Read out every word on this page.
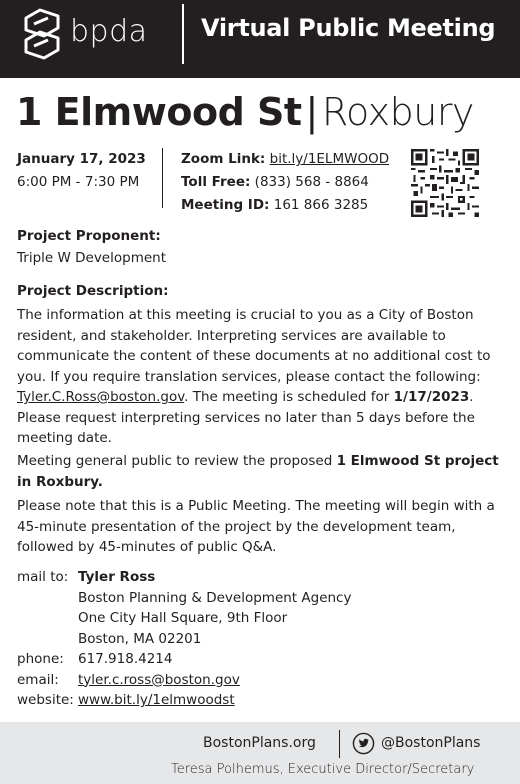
bpda Virtual Public Meeting
1 Elmwood St | Roxbury
January 17, 2023
6:00 PM - 7:30 PM
Zoom Link: bit.ly/1ELMWOOD
Toll Free: (833) 568 - 8864
Meeting ID: 161 866 3285
Project Proponent:
Triple W Development
Project Description:
The information at this meeting is crucial to you as a City of Boston resident, and stakeholder. Interpreting services are available to communicate the content of these documents at no additional cost to you. If you require translation services, please contact the following: Tyler.C.Ross@boston.gov. The meeting is scheduled for 1/17/2023. Please request interpreting services no later than 5 days before the meeting date.
Meeting general public to review the proposed 1 Elmwood St project in Roxbury.
Please note that this is a Public Meeting. The meeting will begin with a 45-minute presentation of the project by the development team, followed by 45-minutes of public Q&A.
mail to: Tyler Ross
Boston Planning & Development Agency
One City Hall Square, 9th Floor
Boston, MA 02201
phone: 617.918.4214
email: tyler.c.ross@boston.gov
website: www.bit.ly/1elmwoodst
BostonPlans.org	@BostonPlans
Teresa Polhemus, Executive Director/Secretary
